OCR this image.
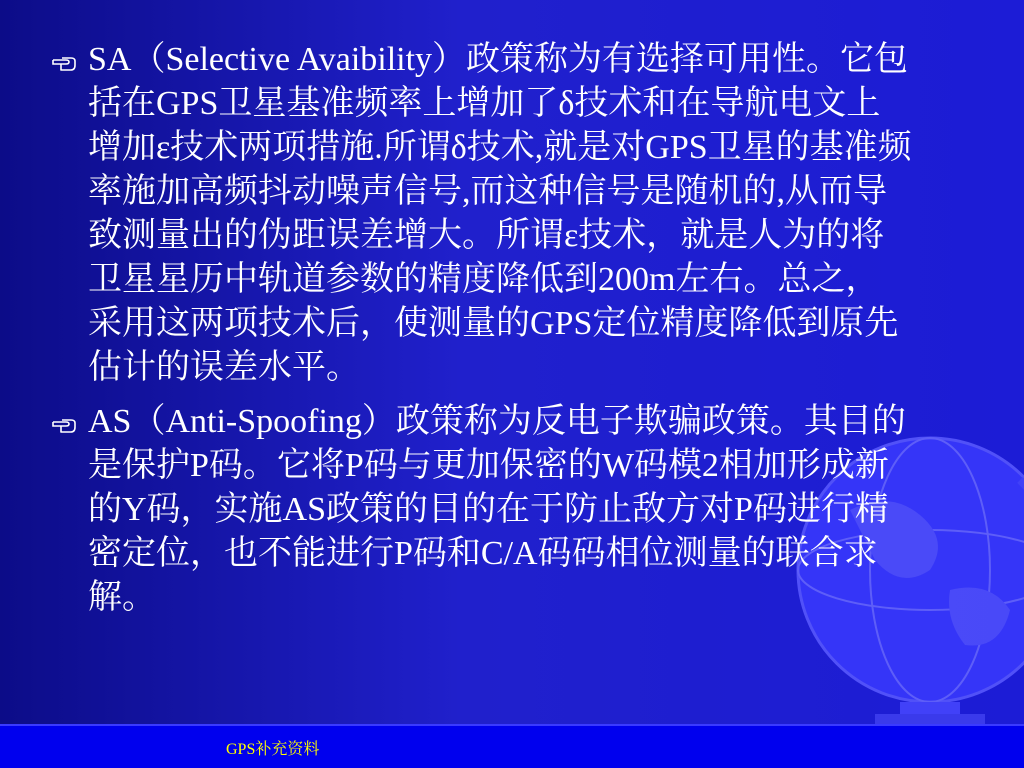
SA（Selective Avaibility）政策称为有选择可用性。它包括在GPS卫星基准频率上增加了δ技术和在导航电文上增加ε技术两项措施.所谓δ技术,就是对GPS卫星的基准频率施加高频抖动噪声信号,而这种信号是随机的,从而导致测量出的伪距误差增大。所谓ε技术，就是人为的将卫星星历中轨道参数的精度降低到200m左右。总之，采用这两项技术后，使测量的GPS定位精度降低到原先估计的误差水平。
AS（Anti-Spoofing）政策称为反电子欺骗政策。其目的是保护P码。它将P码与更加保密的W码模2相加形成新的Y码，实施AS政策的目的在于防止敌方对P码进行精密定位，也不能进行P码和C/A码码相位测量的联合求解。
GPS补充资料
